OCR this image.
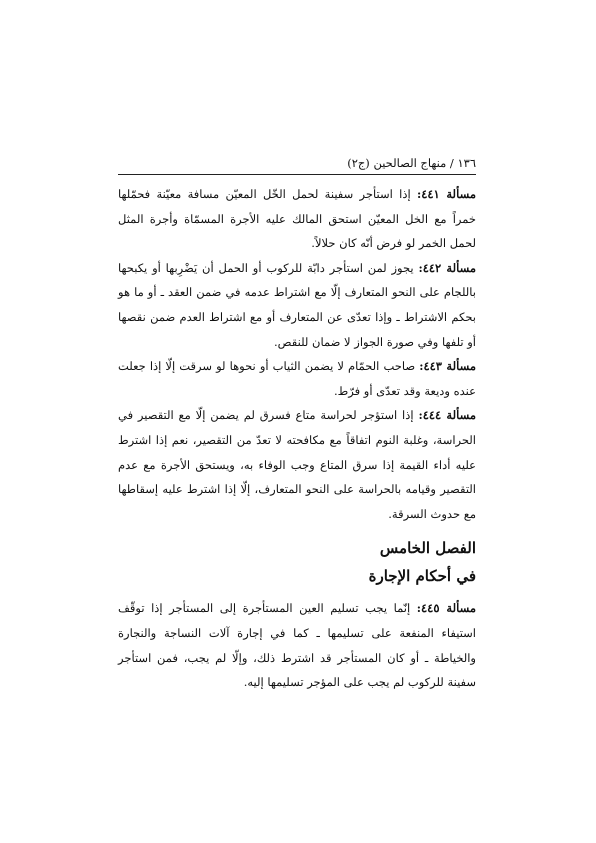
١٣٦ / منهاج الصالحين (ج٢)

مسألة ٤٤١: إذا استأجر سفينة لحمل الخّل المعيّن مسافة معيّنة فحمّلها خمراً مع الخل المعيّن استحق المالك عليه الأجرة المسمّاة وأجرة المثل لحمل الخمر لو فرض أنّه كان حلالاً.

مسألة ٤٤٢: يجوز لمن استأجر دابّة للركوب أو الحمل أن يَضْرِبها أو يكبحها باللجام على النحو المتعارف إلّا مع اشتراط عدمه في ضمن العقد ـ أو ما هو بحكم الاشتراط ـ وإذا تعدّى عن المتعارف أو مع اشتراط العدم ضمن نقصها أو تلفها وفي صورة الجواز لا ضمان للنقص.

مسألة ٤٤٣: صاحب الحمّام لا يضمن الثياب أو نحوها لو سرقت إلّا إذا جعلت عنده وديعة وقد تعدّى أو فرّط.

مسألة ٤٤٤: إذا استؤجر لحراسة متاع فسرق لم يضمن إلّا مع التقصير في الحراسة، وغلبة النوم اتفاقاً مع مكافحته لا تعدّ من التقصير، نعم إذا اشترط عليه أداء القيمة إذا سرق المتاع وجب الوفاء به، ويستحق الأجرة مع عدم التقصير وقيامه بالحراسة على النحو المتعارف، إلّا إذا اشترط عليه إسقاطها مع حدوث السرقة.

الفصل الخامس
في أحكام الإجارة

مسألة ٤٤٥: إنّما يجب تسليم العين المستأجرة إلى المستأجر إذا توقّف استيفاء المنفعة على تسليمها ـ كما في إجارة آلات النساجة والنجارة والخياطة ـ أو كان المستأجر قد اشترط ذلك، وإلّا لم يجب، فمن استأجر سفينة للركوب لم يجب على المؤجر تسليمها إليه.
